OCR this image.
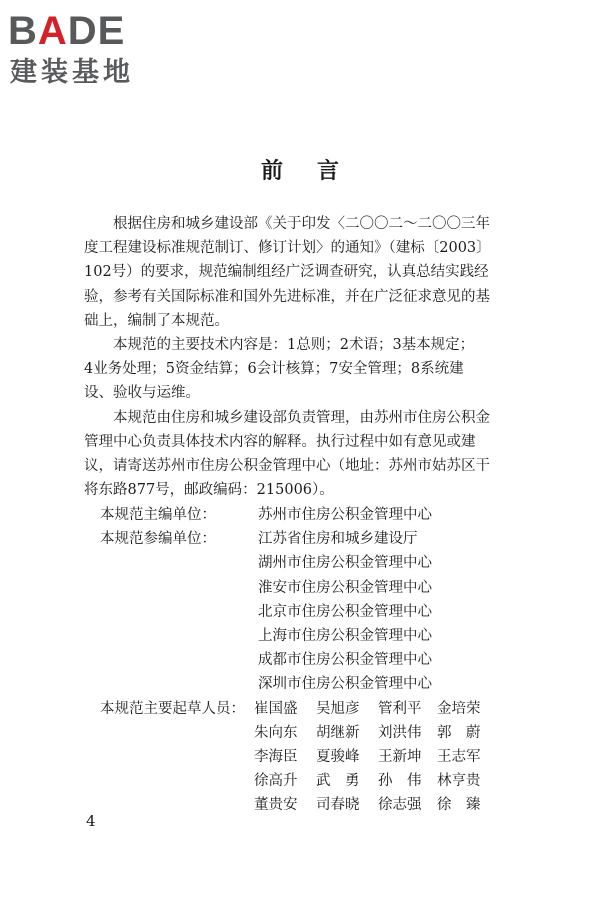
BADE
建装基地
前言

根据住房和城乡建设部《关于印发〈二〇〇二～二〇〇三年

度工程建设标准规范制订、修订计划〉的通知》（建标〔2003〕

102号）的要求，规范编制组经广泛调查研究，认真总结实践经

验，参考有关国际标准和国外先进标准，并在广泛征求意见的基

础上，编制了本规范。

本规范的主要技术内容是：1总则；2术语；3基本规定；

4业务处理；5资金结算；6会计核算；7安全管理；8系统建

设、验收与运维。

本规范由住房和城乡建设部负责管理，由苏州市住房公积金

管理中心负责具体技术内容的解释。执行过程中如有意见或建

议，请寄送苏州市住房公积金管理中心（地址：苏州市姑苏区干

将东路877号，邮政编码：215006）。

本规范主编单位：	苏州市住房公积金管理中心
本规范参编单位：	江苏省住房和城乡建设厅
湖州市住房公积金管理中心
淮安市住房公积金管理中心
北京市住房公积金管理中心
上海市住房公积金管理中心
成都市住房公积金管理中心
深圳市住房公积金管理中心
本规范主要起草人员： 崔国盛 吴旭彦 管利平 金培荣
朱向东 胡继新 刘洪伟 郭　蔚
李海臣 夏骏峰 王新坤 王志军
徐高升 武　勇 孙　伟 林亨贵
董贵安 司春晓 徐志强 徐　臻
4
